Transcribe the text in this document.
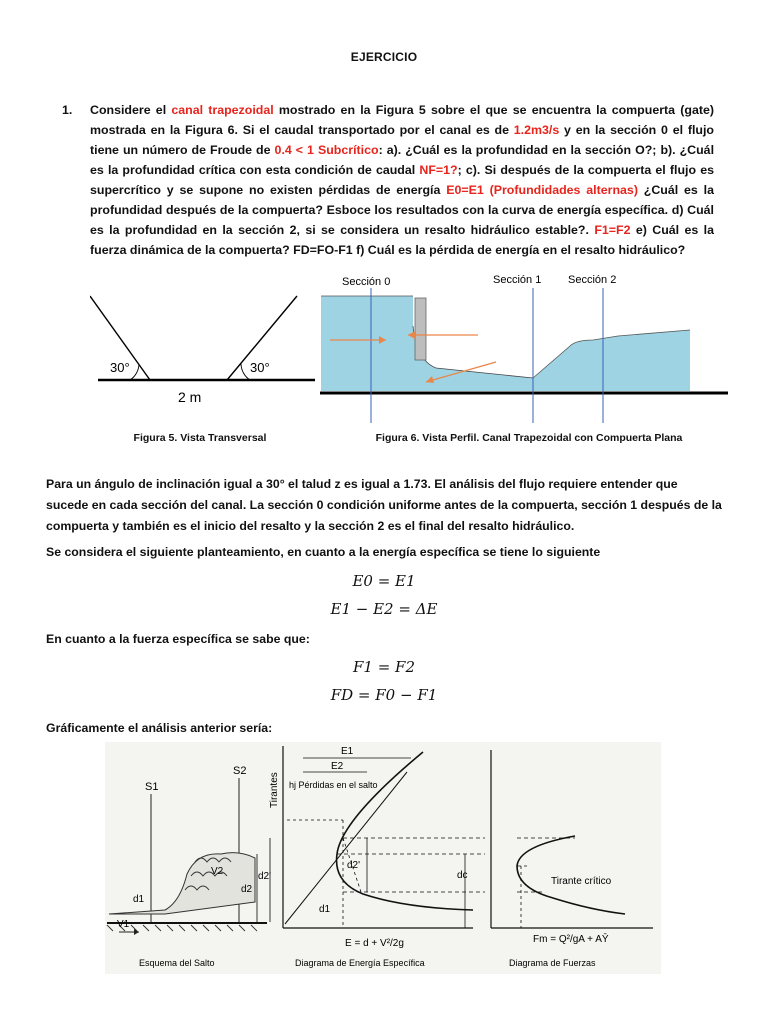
EJERCICIO
1. Considere el canal trapezoidal mostrado en la Figura 5 sobre el que se encuentra la compuerta (gate) mostrada en la Figura 6. Si el caudal transportado por el canal es de 1.2m3/s y en la sección 0 el flujo tiene un número de Froude de 0.4 < 1 Subcrítico: a). ¿Cuál es la profundidad en la sección O?; b). ¿Cuál es la profundidad crítica con esta condición de caudal NF=1?; c). Si después de la compuerta el flujo es supercrítico y se supone no existen pérdidas de energía E0=E1 (Profundidades alternas) ¿Cuál es la profundidad después de la compuerta? Esboce los resultados con la curva de energía específica. d) Cuál es la profundidad en la sección 2, si se considera un resalto hidráulico estable?. F1=F2 e) Cuál es la fuerza dinámica de la compuerta? FD=FO-F1 f) Cuál es la pérdida de energía en el resalto hidráulico?
30°	30°
2 m
Figura 5. Vista Transversal
Sección 0	Sección 1 Sección 2
Figura 6. Vista Perfil. Canal Trapezoidal con Compuerta Plana
Para un ángulo de inclinación igual a 30° el talud z es igual a 1.73. El análisis del flujo requiere entender que sucede en cada sección del canal. La sección 0 condición uniforme antes de la compuerta, sección 1 después de la compuerta y también es el inicio del resalto y la sección 2 es el final del resalto hidráulico.
Se considera el siguiente planteamiento, en cuanto a la energía específica se tiene lo siguiente
E0 = E1
E1 − E2 = ΔE
En cuanto a la fuerza específica se sabe que:
F1 = F2
FD = F0 − F1
Gráficamente el análisis anterior sería:
S1
S2
d1
d2
d2'
V1
V2
Esquema del Salto
Tirantes
E1
E2
hj Pérdidas en el salto
d2'
dc
d1
E = d + V²/2g
Diagrama de Energía Específica
Tirante crítico
Fm = Q²/gA + AȲ
Diagrama de Fuerzas
